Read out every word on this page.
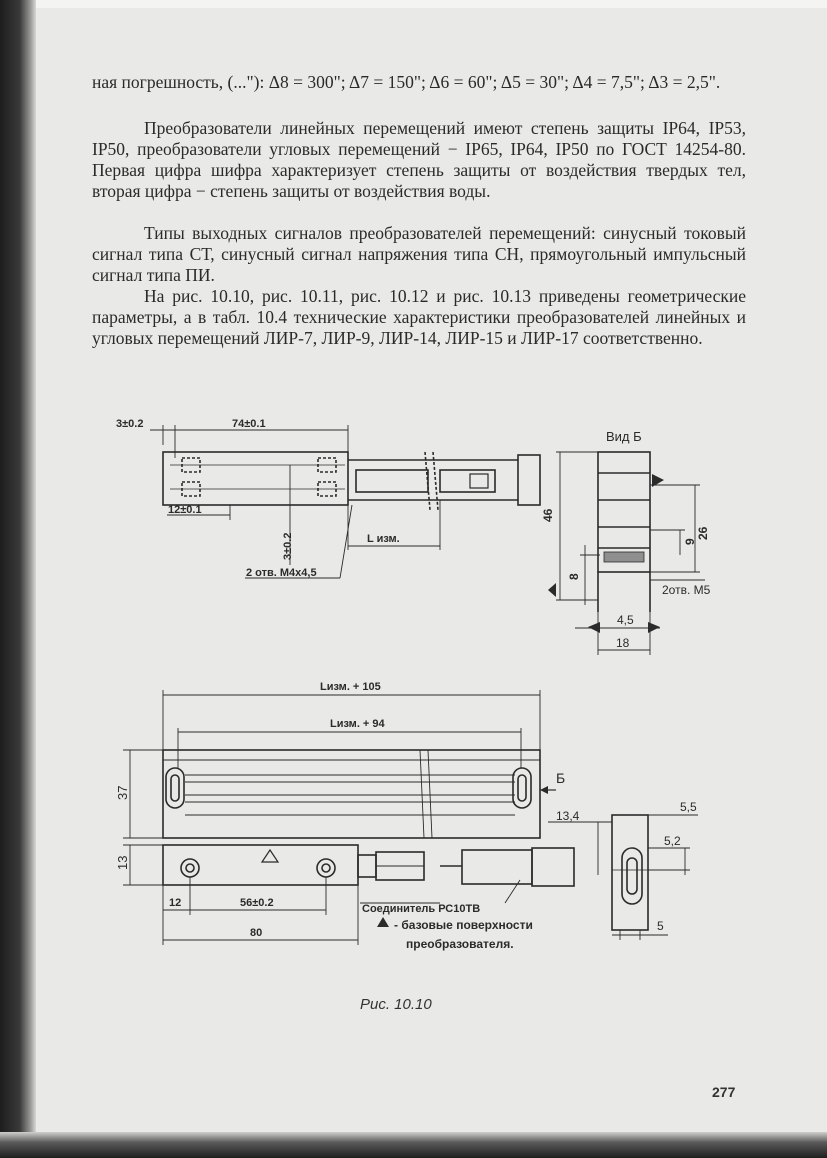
ная погрешность, (..."): Δ8 = 300"; Δ7 = 150"; Δ6 = 60"; Δ5 = 30"; Δ4 = 7,5"; Δ3 = 2,5".

Преобразователи линейных перемещений имеют степень защиты IP64, IP53, IP50, преобразователи угловых перемещений − IP65, IP64, IP50 по ГОСТ 14254-80. Первая цифра шифра характеризует степень защиты от воздействия твердых тел, вторая цифра − степень защиты от воздействия воды.

Типы выходных сигналов преобразователей перемещений: синусный токовый сигнал типа СТ, синусный сигнал напряжения типа СН, прямоугольный импульсный сигнал типа ПИ.

На рис. 10.10, рис. 10.11, рис. 10.12 и рис. 10.13 приведены геометрические параметры, а в табл. 10.4 технические характеристики преобразователей линейных и угловых перемещений ЛИР-7, ЛИР-9, ЛИР-14, ЛИР-15 и ЛИР-17 соответственно.

3±0.2	74±0.1
12±0.1
3±0.2	L изм.
2 отв. M4x4,5
Вид Б
46
26
9
8
2отв. M5
4,5
18
Lизм. + 105
Lизм. + 94
37
13
Б
12	56±0.2
80
Соединитель РС10ТВ
- базовые поверхности
преобразователя.
13,4
5,5
5,2
5
Рис. 10.10
277
